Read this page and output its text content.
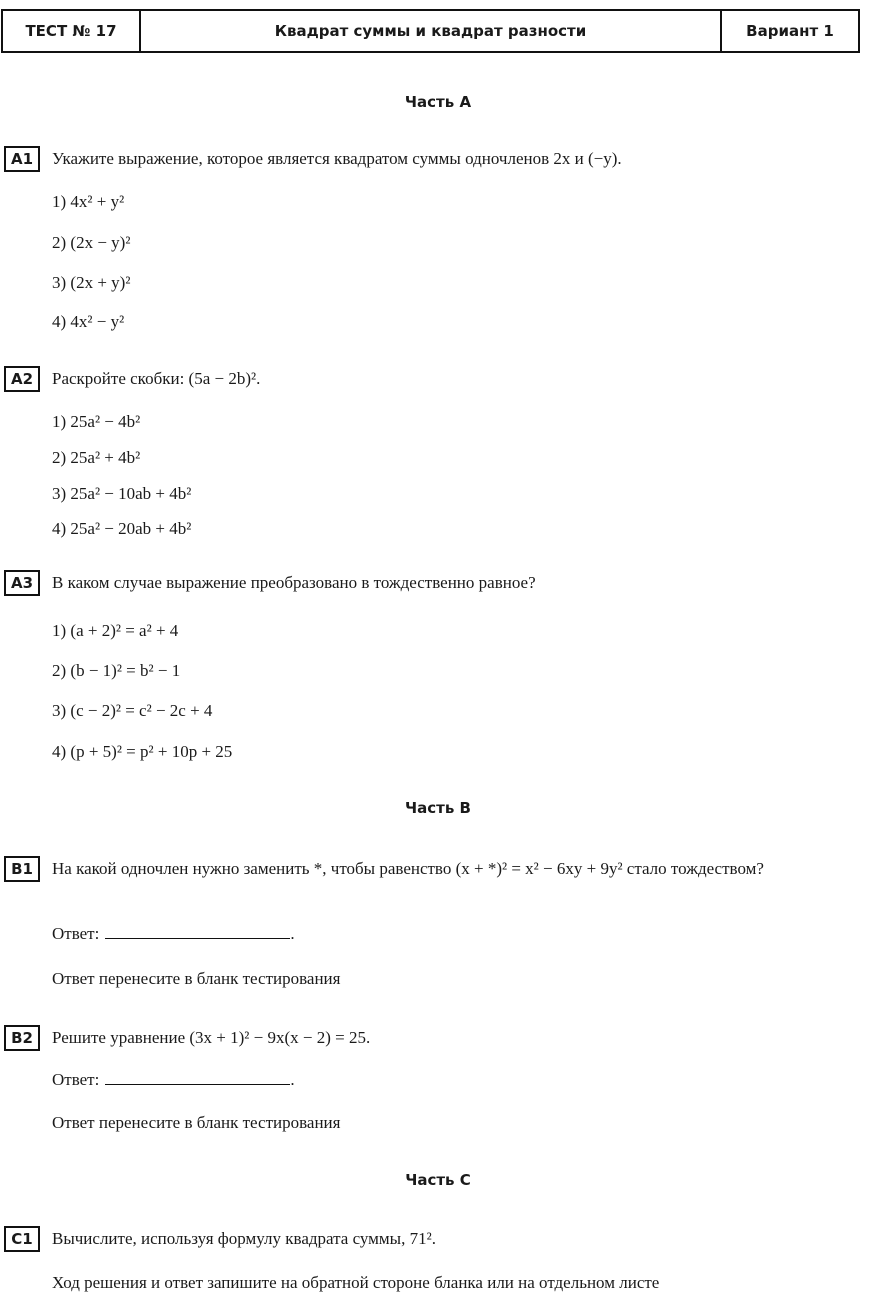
ТЕСТ № 17	Квадрат суммы и квадрат разности	Вариант 1
Часть А
A1	Укажите выражение, которое является квадратом суммы одночленов 2x и (−y).
1) 4x² + y²
2) (2x − y)²
3) (2x + y)²
4) 4x² − y²
A2	Раскройте скобки: (5a − 2b)².
1) 25a² − 4b²
2) 25a² + 4b²
3) 25a² − 10ab + 4b²
4) 25a² − 20ab + 4b²
A3	В каком случае выражение преобразовано в тождественно равное?
1) (a + 2)² = a² + 4
2) (b − 1)² = b² − 1
3) (c − 2)² = c² − 2c + 4
4) (p + 5)² = p² + 10p + 25
Часть В
B1	На какой одночлен нужно заменить *, чтобы равенство (x + *)² = x² − 6xy + 9y² стало тождеством?
Ответ:	.
Ответ перенесите в бланк тестирования
B2	Решите уравнение (3x + 1)² − 9x(x − 2) = 25.
Ответ:	.
Ответ перенесите в бланк тестирования
Часть С
C1	Вычислите, используя формулу квадрата суммы, 71².
Ход решения и ответ запишите на обратной стороне бланка или на отдельном листе
